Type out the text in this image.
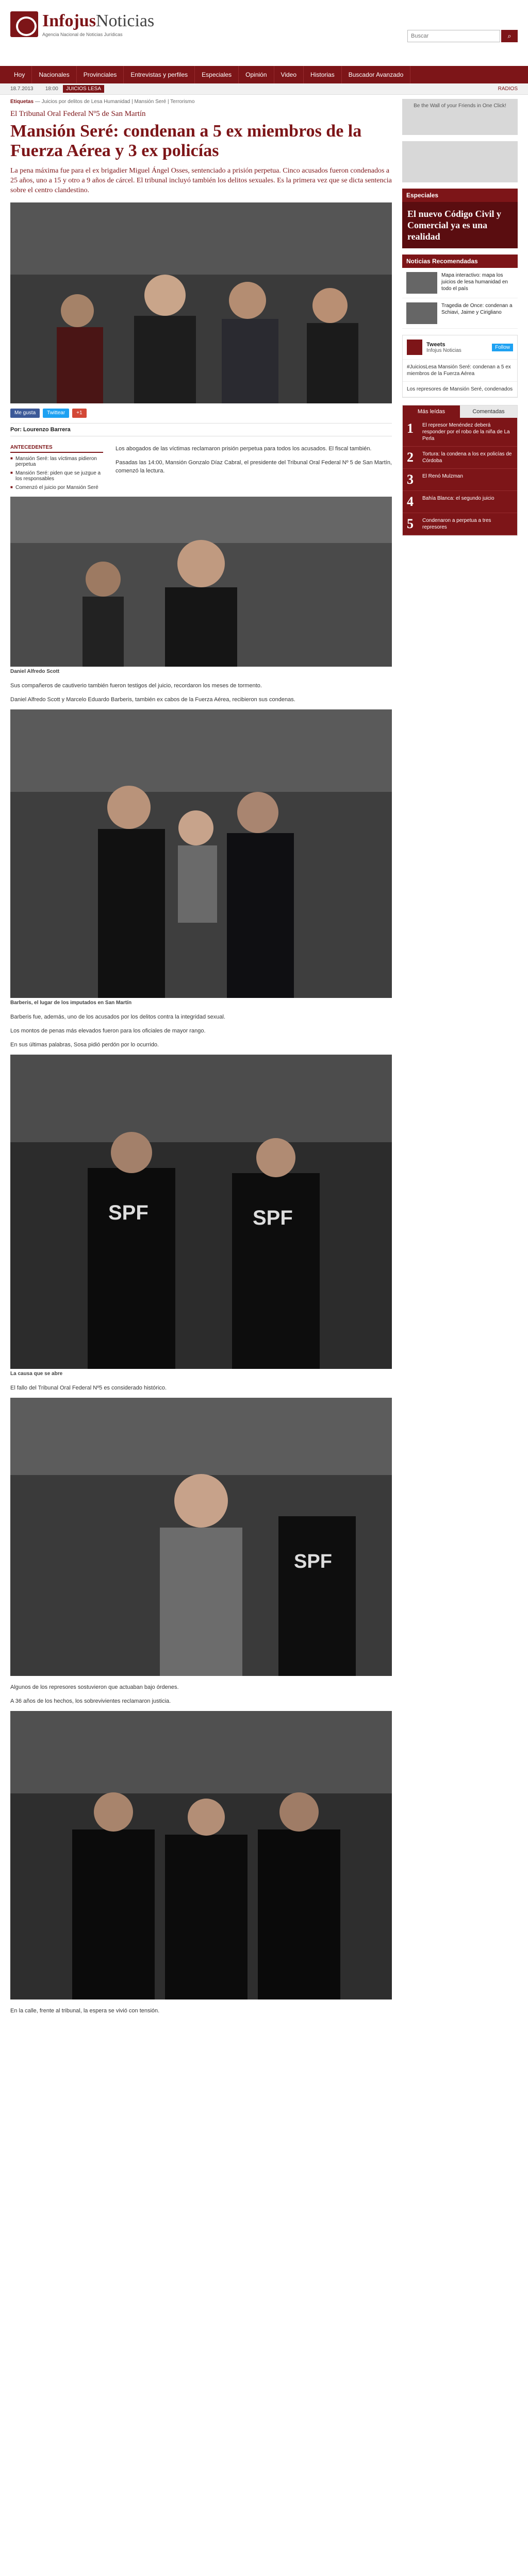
InfojusNoticias
Agencia Nacional de Noticias Jurídicas
Buscar	⌕
Hoy	Nacionales	Provinciales	Entrevistas y perfiles	Especiales	Opinión	Video	Historias	Buscador Avanzado
18.7.2013 18:00 JUICIOS LESA	RADIOS
Etiquetas — Juicios por delitos de Lesa Humanidad | Mansión Seré | Terrorismo
El Tribunal Oral Federal Nº5 de San Martín
Mansión Seré: condenan a 5 ex miembros de la Fuerza Aérea y 3 ex policías

La pena máxima fue para el ex brigadier Miguel Ángel Osses, sentenciado a prisión perpetua. Cinco acusados fueron condenados a 25 años, uno a 15 y otro a 9 años de cárcel. El tribunal incluyó también los delitos sexuales. Es la primera vez que se dicta sentencia sobre el centro clandestino.

Me gusta	Twittear	+1
Por: Lourenzo Barrera
ANTECEDENTES
■ Mansión Seré: las víctimas pidieron perpetua
■ Mansión Seré: piden que se juzgue a los responsables
■ Comenzó el juicio por Mansión Seré

Los abogados de las víctimas reclamaron prisión perpetua para todos los acusados. El fiscal también.

Pasadas las 14:00, Mansión Gonzalo Díaz Cabral, el presidente del Tribunal Oral Federal Nº 5 de San Martín, comenzó la lectura.

Daniel Alfredo Scott

Sus compañeros de cautiverio también fueron testigos del juicio, recordaron los meses de tormento.

Daniel Alfredo Scott y Marcelo Eduardo Barberis, también ex cabos de la Fuerza Aérea, recibieron sus condenas.

Barberis, el lugar de los imputados en San Martín

Barberis fue, además, uno de los acusados por los delitos contra la integridad sexual.

Los montos de penas más elevados fueron para los oficiales de mayor rango.

En sus últimas palabras, Sosa pidió perdón por lo ocurrido.

SPF	SPF
La causa que se abre

El fallo del Tribunal Oral Federal Nº5 es considerado histórico.

SPF

Algunos de los represores sostuvieron que actuaban bajo órdenes.

A 36 años de los hechos, los sobrevivientes reclamaron justicia.

En la calle, frente al tribunal, la espera se vivió con tensión.

Be the Wall of your Friends in One Click!
Especiales
El nuevo Código Civil y Comercial ya es una realidad
Noticias Recomendadas
Mapa interactivo: mapa los juicios de lesa humanidad en todo el país
Tragedia de Once: condenan a Schiavi, Jaime y Cirigliano
Tweets
Infojus Noticias
Follow
#JuiciosLesa Mansión Seré: condenan a 5 ex miembros de la Fuerza Aérea
Los represores de Mansión Seré, condenados
Más leídas	Comentadas
1	El represor Menéndez deberá responder por el robo de la niña de La Perla
2	Tortura: la condena a los ex policías de Córdoba
3	El Renó Mulzman
4	Bahía Blanca: el segundo juicio
5	Condenaron a perpetua a tres represores
